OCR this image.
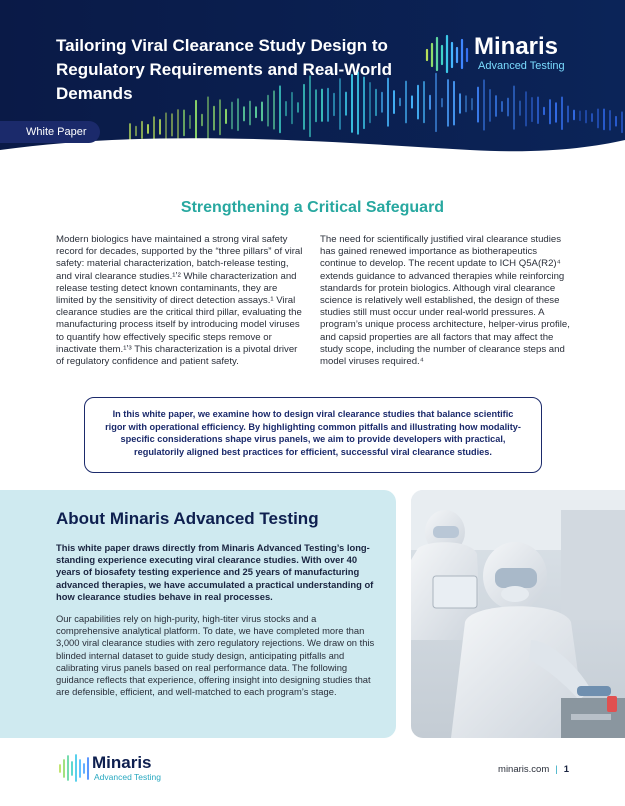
Tailoring Viral Clearance Study Design to Regulatory Requirements and Real-World Demands
Minaris
Advanced Testing
White Paper
Strengthening a Critical Safeguard
Modern biologics have maintained a strong viral safety record for decades, supported by the “three pillars” of viral safety: material characterization, batch-release testing, and viral clearance studies.¹ʼ² While characterization and release testing detect known contaminants, they are limited by the sensitivity of direct detection assays.¹ Viral clearance studies are the critical third pillar, evaluating the manufacturing process itself by introducing model viruses to quantify how effectively specific steps remove or inactivate them.¹ʼ³ This characterization is a pivotal driver of regulatory confidence and patient safety.
The need for scientifically justified viral clearance studies has gained renewed importance as biotherapeutics continue to develop. The recent update to ICH Q5A(R2)⁴ extends guidance to advanced therapies while reinforcing standards for protein biologics. Although viral clearance science is relatively well established, the design of these studies still must occur under real-world pressures. A program’s unique process architecture, helper-virus profile, and capsid properties are all factors that may affect the study scope, including the number of clearance steps and model viruses required.⁴
In this white paper, we examine how to design viral clearance studies that balance scientific rigor with operational efficiency. By highlighting common pitfalls and illustrating how modality-specific considerations shape virus panels, we aim to provide developers with practical, regulatorily aligned best practices for efficient, successful viral clearance studies.
About Minaris Advanced Testing
This white paper draws directly from Minaris Advanced Testing’s long-standing experience executing viral clearance studies. With over 40 years of biosafety testing experience and 25 years of manufacturing advanced therapies, we have accumulated a practical understanding of how clearance studies behave in real processes.
Our capabilities rely on high-purity, high-titer virus stocks and a comprehensive analytical platform. To date, we have completed more than 3,000 viral clearance studies with zero regulatory rejections. We draw on this blinded internal dataset to guide study design, anticipating pitfalls and calibrating virus panels based on real performance data. The following guidance reflects that experience, offering insight into designing studies that are defensible, efficient, and well-matched to each program’s stage.
Minaris
Advanced Testing
minaris.com | 1
